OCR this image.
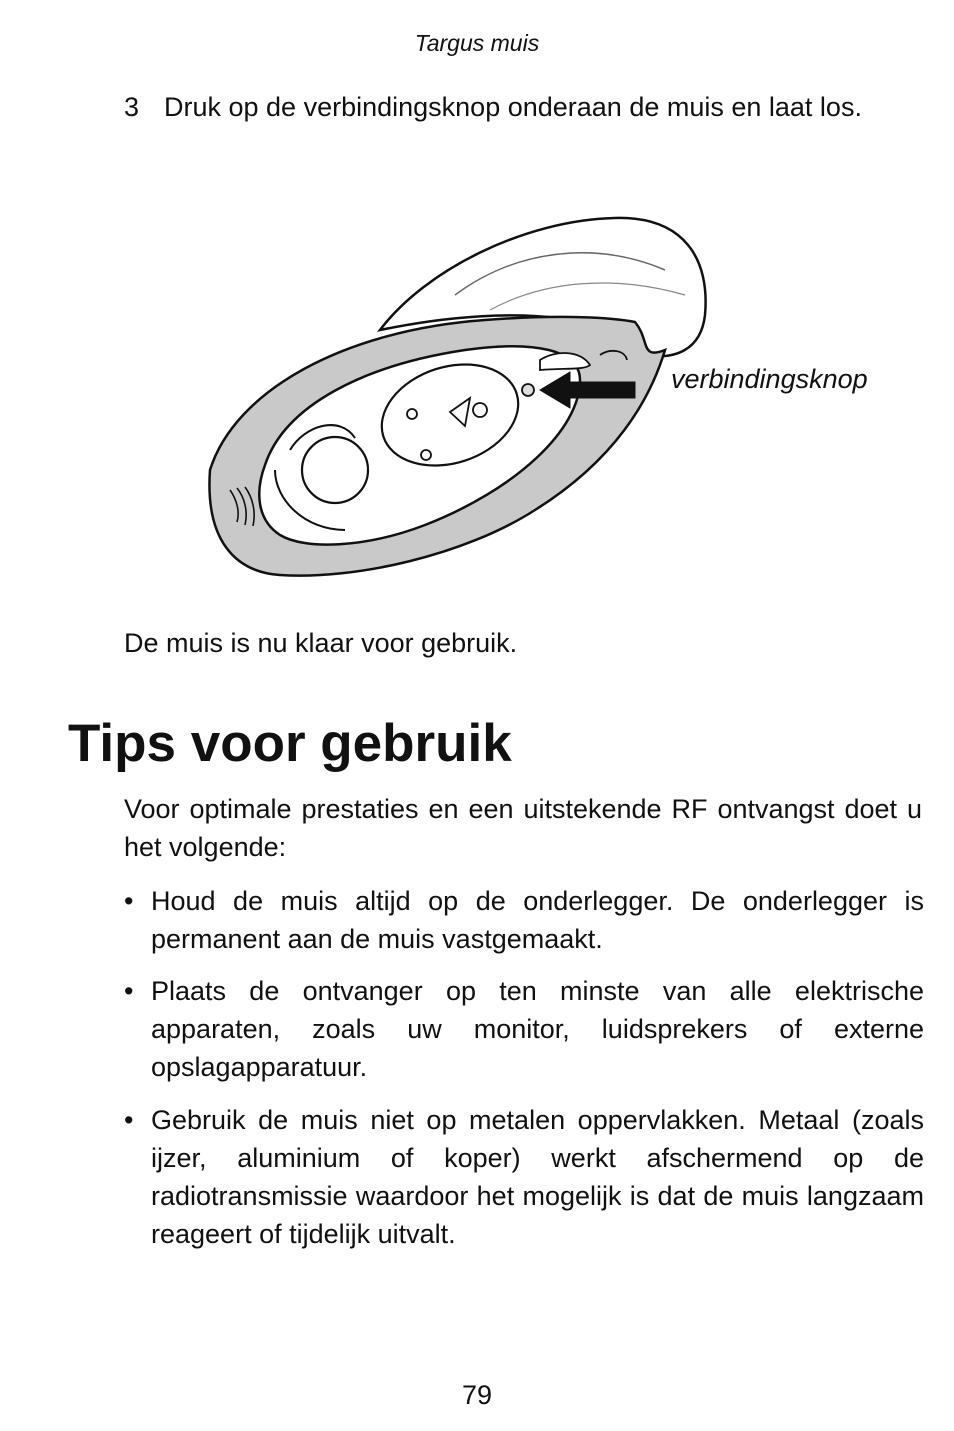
Targus muis
3 Druk op de verbindingsknop onderaan de muis en laat los.
verbindingsknop
De muis is nu klaar voor gebruik.
Tips voor gebruik
Voor optimale prestaties en een uitstekende RF ontvangst doet u het volgende:
• Houd de muis altijd op de onderlegger. De onderlegger is permanent aan de muis vastgemaakt.
• Plaats de ontvanger op ten minste van alle elektrische apparaten, zoals uw monitor, luidsprekers of externe opslagapparatuur.
• Gebruik de muis niet op metalen oppervlakken. Metaal (zoals ijzer, aluminium of koper) werkt afschermend op de radiotransmissie waardoor het mogelijk is dat de muis langzaam reageert of tijdelijk uitvalt.
79
